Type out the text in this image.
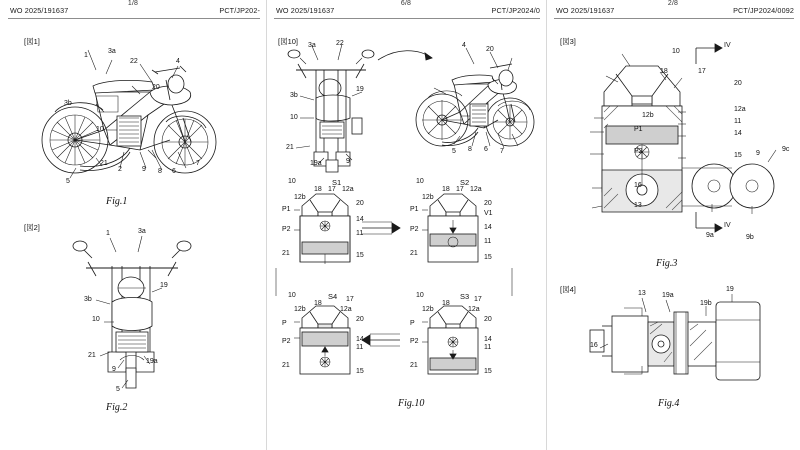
WO 2025/191637
1/8
PCT/JP202-
[図1]
1
3a
22	4
3b
20
10
21
2	9 8 6
7
5
Fig.1
[図2]
1	3a
3b
19
10
21
9
19a
5
Fig.2
WO 2025/191637
6/8
PCT/JP2024/0
[図10] 3a	22	4
3b
20
10
19
21
19a	9
8 6 7
5
S1
10
18 17 12a
12b
20
P1
14
P2
11
15
21
S2
10
18 17 12a
12b
20
P1
V1
14
P2
11
15
21
S4
10
18
17
12a
12b
20
P
14
P2
11
15
21
S3
10
18
17
12a
12b
20
P
14
P2
11
15
21
Fig.10
WO 2025/191637
2/8
PCT/JP2024/0092
[図3]
10
IV
18	17
20
12b
12a
11
P1
14
P2
15 9
9c
16
13
IV
9a	9b
Fig.3
[図4]	13 19a
19
19b
16
Fig.4
